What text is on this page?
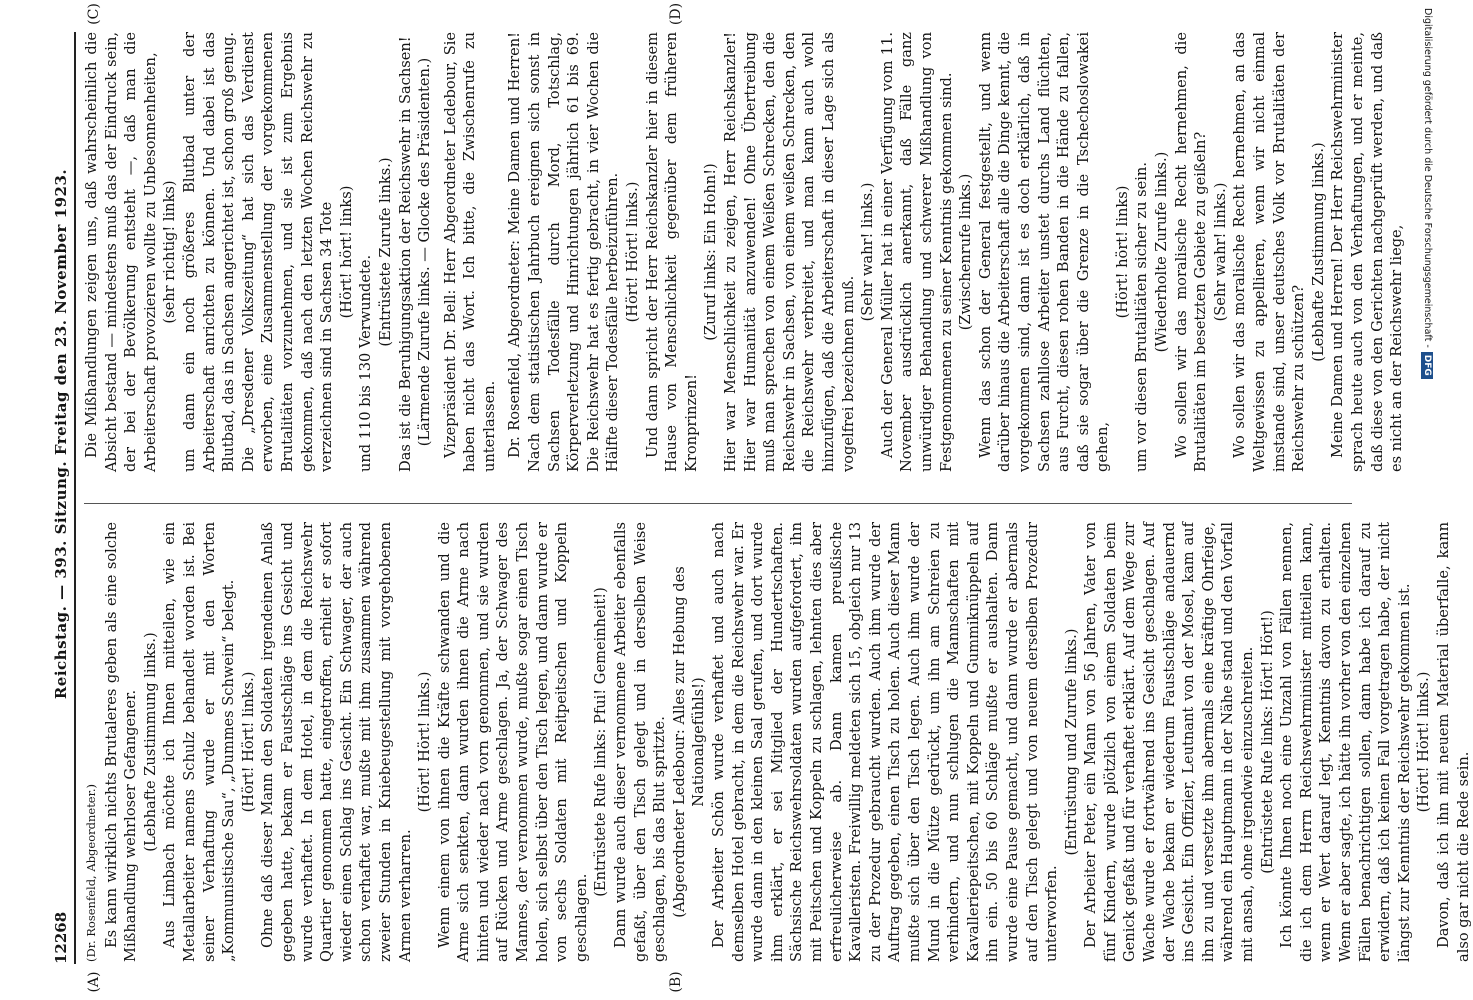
12268
Reichstag. — 393. Sitzung. Freitag den 23. November 1923.
(A)	(B)
(C)	(D)

(Dr. Rosenfeld, Abgeordneter.) Es kann wirklich nichts Brutaleres geben als eine solche Mißhandlung wehrloser Gefangener. (Lebhafte Zustimmung links.) Aus Limbach möchte ich Ihnen mitteilen, wie ein Metallarbeiter namens Schulz behandelt worden ist. Bei seiner Verhaftung wurde er mit den Worten „Kommunistische Sau“, „Dummes Schwein“ belegt. (Hört! Hört! links.) Ohne daß dieser Mann den Soldaten irgendeinen Anlaß gegeben hatte, bekam er Faustschläge ins Gesicht und wurde verhaftet. In dem Hotel, in dem die Reichswehr Quartier genommen hatte, eingetroffen, erhielt er sofort wieder einen Schlag ins Gesicht. Ein Schwager, der auch schon verhaftet war, mußte mit ihm zusammen während zweier Stunden in Kniebeugestellung mit vorgehobenen Armen verharren.

(Hört! Hört! links.) Wenn einem von ihnen die Kräfte schwanden und die Arme sich senkten, dann wurden ihnen die Arme nach hinten und wieder nach vorn genommen, und sie wurden auf Rücken und Arme geschlagen. Ja, der Schwager des Mannes, der vernommen wurde, mußte sogar einen Tisch holen, sich selbst über den Tisch legen, und dann wurde er von sechs Soldaten mit Reitpeitschen und Koppeln geschlagen.

(Entrüstete Rufe links: Pfui! Gemeinheit!) Dann wurde auch dieser vernommene Arbeiter ebenfalls gefaßt, über den Tisch gelegt und in derselben Weise geschlagen, bis das Blut spritzte. (Abgeordneter Ledebour: Alles zur Hebung des Nationalgefühls!) Der Arbeiter Schön wurde verhaftet und auch nach demselben Hotel gebracht, in dem die Reichswehr war. Er wurde dann in den kleinen Saal gerufen, und dort wurde ihm erklärt, er sei Mitglied der Hundertschaften. Sächsische Reichswehrsoldaten wurden aufgefordert, ihn mit Peitschen und Koppeln zu schlagen, lehnten dies aber erfreulicherweise ab. Dann kamen preußische Kavalleristen. Freiwillig meldeten sich 15, obgleich nur 13 zu der Prozedur gebraucht wurden. Auch ihm wurde der Auftrag gegeben, einen Tisch zu holen. Auch dieser Mann mußte sich über den Tisch legen. Auch ihm wurde der Mund in die Mütze gedrückt, um ihn am Schreien zu verhindern, und nun schlugen die Mannschaften mit Kavalleriepeitschen, mit Koppeln und Gummiknüppeln auf ihn ein. 50 bis 60 Schläge mußte er aushalten. Dann wurde eine Pause gemacht, und dann wurde er abermals auf den Tisch gelegt und von neuem derselben Prozedur unterworfen.

(Entrüstung und Zurufe links.) Der Arbeiter Peter, ein Mann von 56 Jahren, Vater von fünf Kindern, wurde plötzlich von einem Soldaten beim Genick gefaßt und für verhaftet erklärt. Auf dem Wege zur Wache wurde er fortwährend ins Gesicht geschlagen. Auf der Wache bekam er wiederum Faustschläge andauernd ins Gesicht. Ein Offizier, Leutnant von der Mosel, kam auf ihn zu und versetzte ihm abermals eine kräftige Ohrfeige, während ein Hauptmann in der Nähe stand und den Vorfall mit ansah, ohne irgendwie einzuschreiten. (Entrüstete Rufe links: Hört! Hört!) Ich könnte Ihnen noch eine Unzahl von Fällen nennen, die ich dem Herrn Reichswehrminister mitteilen kann, wenn er Wert darauf legt, Kenntnis davon zu erhalten. Wenn er aber sagte, ich hätte ihn vorher von den einzelnen Fällen benachrichtigen sollen, dann habe ich darauf zu erwidern, daß ich keinen Fall vorgetragen habe, der nicht längst zur Kenntnis der Reichswehr gekommen ist. (Hört! Hört! links.) Davon, daß ich ihn mit neuem Material überfalle, kann also gar nicht die Rede sein.

Die Mißhandlungen zeigen uns, daß wahrscheinlich die Absicht bestand — mindestens muß das der Eindruck sein, der bei der Bevölkerung entsteht —, daß man die Arbeiterschaft provozieren wollte zu Unbesonnenheiten, (sehr richtig! links) um dann ein noch größeres Blutbad unter der Arbeiterschaft anrichten zu können. Und dabei ist das Blutbad, das in Sachsen angerichtet ist, schon groß genug. Die „Dresdener Volkszeitung“ hat sich das Verdienst erworben, eine Zusammenstellung der vorgekommenen Brutalitäten vorzunehmen, und sie ist zum Ergebnis gekommen, daß nach den letzten Wochen Reichswehr zu verzeichnen sind in Sachsen 34 Tote (Hört! hört! links)

und 110 bis 130 Verwundete.

(Entrüstete Zurufe links.) Das ist die Beruhigungsaktion der Reichswehr in Sachsen! (Lärmende Zurufe links. — Glocke des Präsidenten.) Vizepräsident Dr. Bell: Herr Abgeordneter Ledebour, Sie haben nicht das Wort. Ich bitte, die Zwischenrufe zu unterlassen. Dr. Rosenfeld, Abgeordneter: Meine Damen und Herren! Nach dem statistischen Jahrbuch ereignen sich sonst in Sachsen Todesfälle durch Mord, Totschlag, Körperverletzung und Hinrichtungen jährlich 61 bis 69. Die Reichswehr hat es fertig gebracht, in vier Wochen die Hälfte dieser Todesfälle herbeizuführen. (Hört! Hört! links.) Und dann spricht der Herr Reichskanzler hier in diesem Hause von Menschlichkeit gegenüber dem früheren Kronprinzen!

(Zuruf links: Ein Hohn!) Hier war Menschlichkeit zu zeigen, Herr Reichskanzler! Hier war Humanität anzuwenden! Ohne Übertreibung muß man sprechen von einem Weißen Schrecken, den die Reichswehr in Sachsen, von einem weißen Schrecken, den die Reichswehr verbreitet, und man kann auch wohl hinzufügen, daß die Arbeiterschaft in dieser Lage sich als vogelfrei bezeichnen muß.

(Sehr wahr! links.) Auch der General Müller hat in einer Verfügung vom 11. November ausdrücklich anerkannt, daß Fälle ganz unwürdiger Behandlung und schwerer Mißhandlung von Festgenommenen zu seiner Kenntnis gekommen sind. (Zwischenrufe links.) Wenn das schon der General festgestellt, und wenn darüber hinaus die Arbeiterschaft alle die Dinge kennt, die vorgekommen sind, dann ist es doch erklärlich, daß in Sachsen zahllose Arbeiter unstet durchs Land flüchten, aus Furcht, diesen rohen Banden in die Hände zu fallen, daß sie sogar über die Grenze in die Tschechoslowakei gehen,

(Hört! hört! links) um vor diesen Brutalitäten sicher zu sein. (Wiederholte Zurufe links.) Wo sollen wir das moralische Recht hernehmen, die Brutalitäten im besetzten Gebiete zu geißeln? (Sehr wahr! links.) Wo sollen wir das moralische Recht hernehmen, an das Weltgewissen zu appellieren, wenn wir nicht einmal imstande sind, unser deutsches Volk vor Brutalitäten der Reichswehr zu schützen?

(Lebhafte Zustimmung links.) Meine Damen und Herren! Der Herr Reichswehrminister sprach heute auch von den Verhaftungen, und er meinte, daß diese von den Gerichten nachgeprüft werden, und daß es nicht an der Reichswehr liege,

Digitalisierung gefördert durch die Deutsche Forschungsgemeinschaft -DFG
